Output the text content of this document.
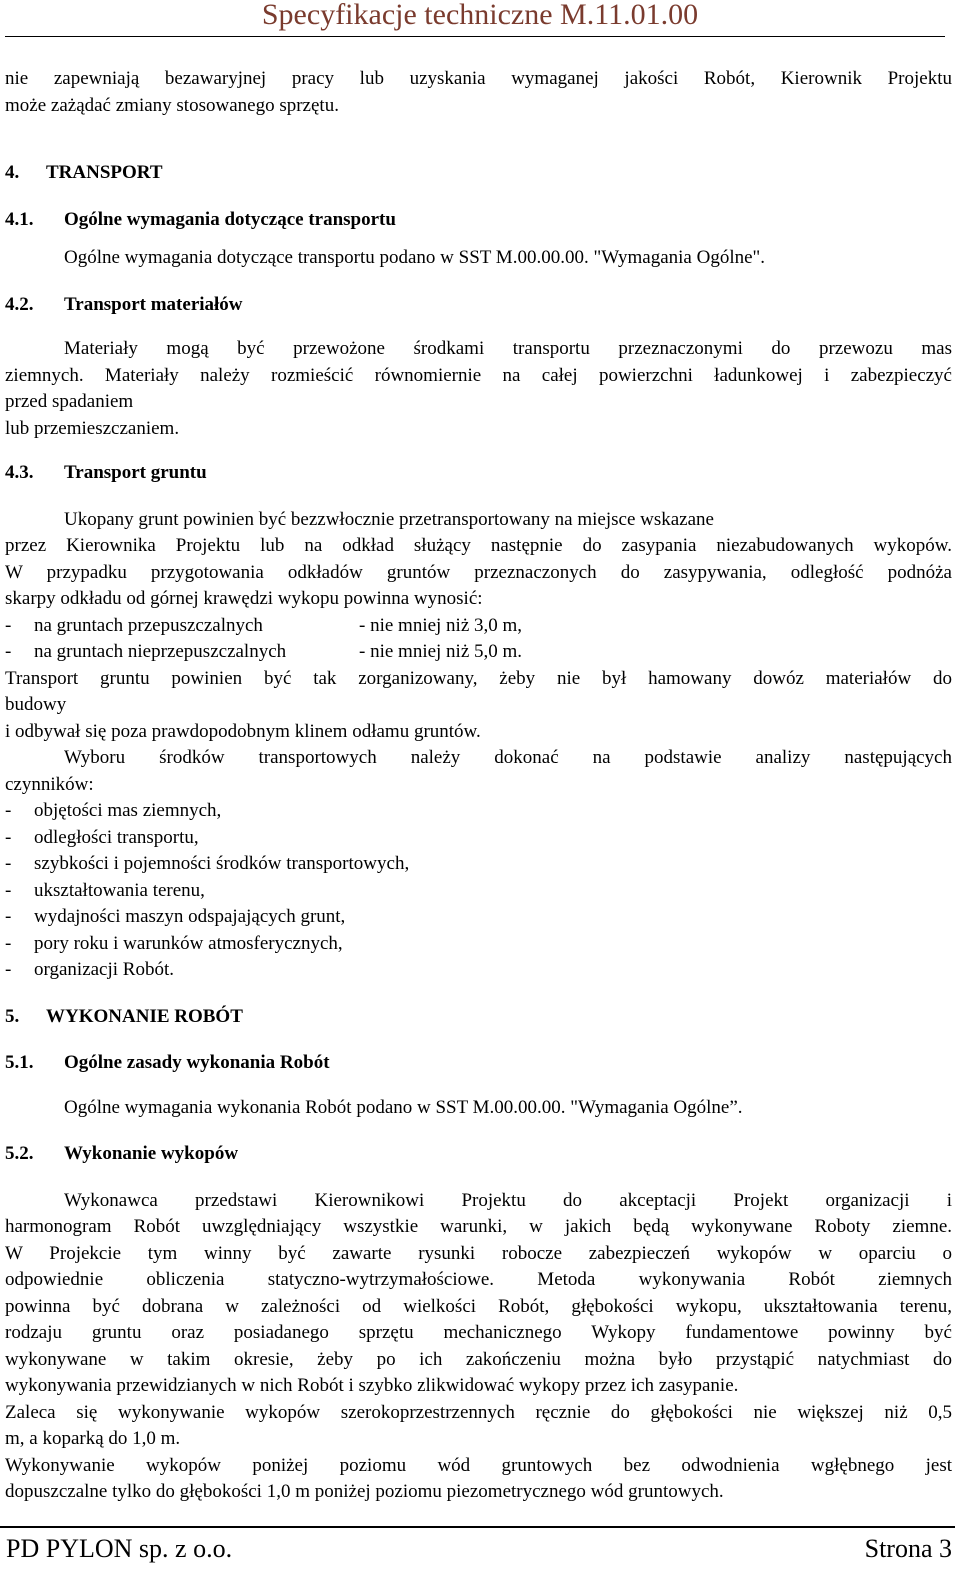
Specyfikacje techniczne M.11.01.00

nie zapewniają bezawaryjnej pracy lub uzyskania wymaganej jakości Robót, Kierownik Projektu

może zażądać zmiany stosowanego sprzętu.

4.	TRANSPORT
4.1.	Ogólne wymagania dotyczące transportu

Ogólne wymagania dotyczące transportu podano w SST M.00.00.00. "Wymagania Ogólne".

4.2.	Transport materiałów

Materiały mogą być przewożone środkami transportu przeznaczonymi do przewozu mas

ziemnych. Materiały należy rozmieścić równomiernie na całej powierzchni ładunkowej i zabezpieczyć

przed spadaniem

lub przemieszczaniem.

4.3.	Transport gruntu

Ukopany grunt powinien być bezzwłocznie przetransportowany na miejsce wskazane

przez Kierownika Projektu lub na odkład służący następnie do zasypania niezabudowanych wykopów.

W przypadku przygotowania odkładów gruntów przeznaczonych do zasypywania, odległość podnóża

skarpy odkładu od górnej krawędzi wykopu powinna wynosić:

-	na gruntach przepuszczalnych	- nie mniej niż 3,0 m,
-	na gruntach nieprzepuszczalnych	- nie mniej niż 5,0 m.

Transport gruntu powinien być tak zorganizowany, żeby nie był hamowany dowóz materiałów do

budowy

i odbywał się poza prawdopodobnym klinem odłamu gruntów.

Wyboru środków transportowych należy dokonać na podstawie analizy następujących

czynników:

-	objętości mas ziemnych,
-	odległości transportu,
-	szybkości i pojemności środków transportowych,
-	ukształtowania terenu,
-	wydajności maszyn odspajających grunt,
-	pory roku i warunków atmosferycznych,
-	organizacji Robót.
5.	WYKONANIE ROBÓT
5.1.	Ogólne zasady wykonania Robót

Ogólne wymagania wykonania Robót podano w SST M.00.00.00. "Wymagania Ogólne”.

5.2.	Wykonanie wykopów

Wykonawca przedstawi Kierownikowi Projektu do akceptacji Projekt organizacji i

harmonogram Robót uwzględniający wszystkie warunki, w jakich będą wykonywane Roboty ziemne.

W Projekcie tym winny być zawarte rysunki robocze zabezpieczeń wykopów w oparciu o

odpowiednie obliczenia statyczno-wytrzymałościowe. Metoda wykonywania Robót ziemnych

powinna być dobrana w zależności od wielkości Robót, głębokości wykopu, ukształtowania terenu,

rodzaju gruntu oraz posiadanego sprzętu mechanicznego Wykopy fundamentowe powinny być

wykonywane w takim okresie, żeby po ich zakończeniu można było przystąpić natychmiast do

wykonywania przewidzianych w nich Robót i szybko zlikwidować wykopy przez ich zasypanie.

Zaleca się wykonywanie wykopów szerokoprzestrzennych ręcznie do głębokości nie większej niż 0,5

m, a koparką do 1,0 m.

Wykonywanie wykopów poniżej poziomu wód gruntowych bez odwodnienia wgłębnego jest

dopuszczalne tylko do głębokości 1,0 m poniżej poziomu piezometrycznego wód gruntowych.

PD PYLON sp. z o.o.	Strona 3
